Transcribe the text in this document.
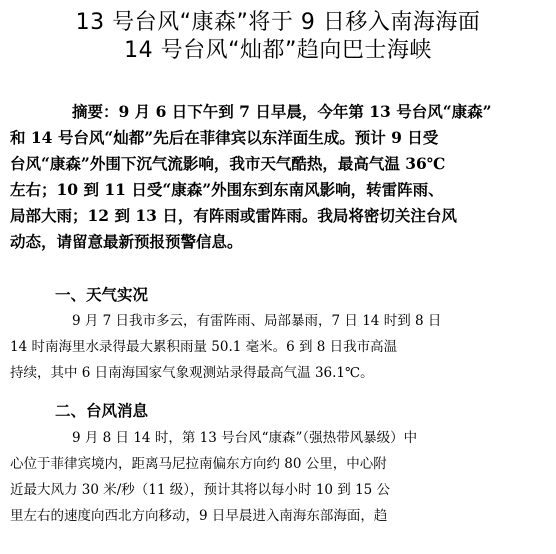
13 号台风“康森”将于 9 日移入南海海面
14 号台风“灿都”趋向巴士海峡
摘要：9 月 6 日下午到 7 日早晨，今年第 13 号台风“康森”
和 14 号台风“灿都”先后在菲律宾以东洋面生成。预计 9 日受
台风“康森”外围下沉气流影响，我市天气酷热，最高气温 36℃
左右；10 到 11 日受“康森”外围东到东南风影响，转雷阵雨、
局部大雨；12 到 13 日，有阵雨或雷阵雨。我局将密切关注台风
动态，请留意最新预报预警信息。
一、天气实况
9 月 7 日我市多云，有雷阵雨、局部暴雨，7 日 14 时到 8 日
14 时南海里水录得最大累积雨量 50.1 毫米。6 到 8 日我市高温
持续，其中 6 日南海国家气象观测站录得最高气温 36.1℃。
二、台风消息
9 月 8 日 14 时，第 13 号台风“康森”（强热带风暴级）中
心位于菲律宾境内，距离马尼拉南偏东方向约 80 公里，中心附
近最大风力 30 米/秒（11 级），预计其将以每小时 10 到 15 公
里左右的速度向西北方向移动，9 日早晨进入南海东部海面，趋
